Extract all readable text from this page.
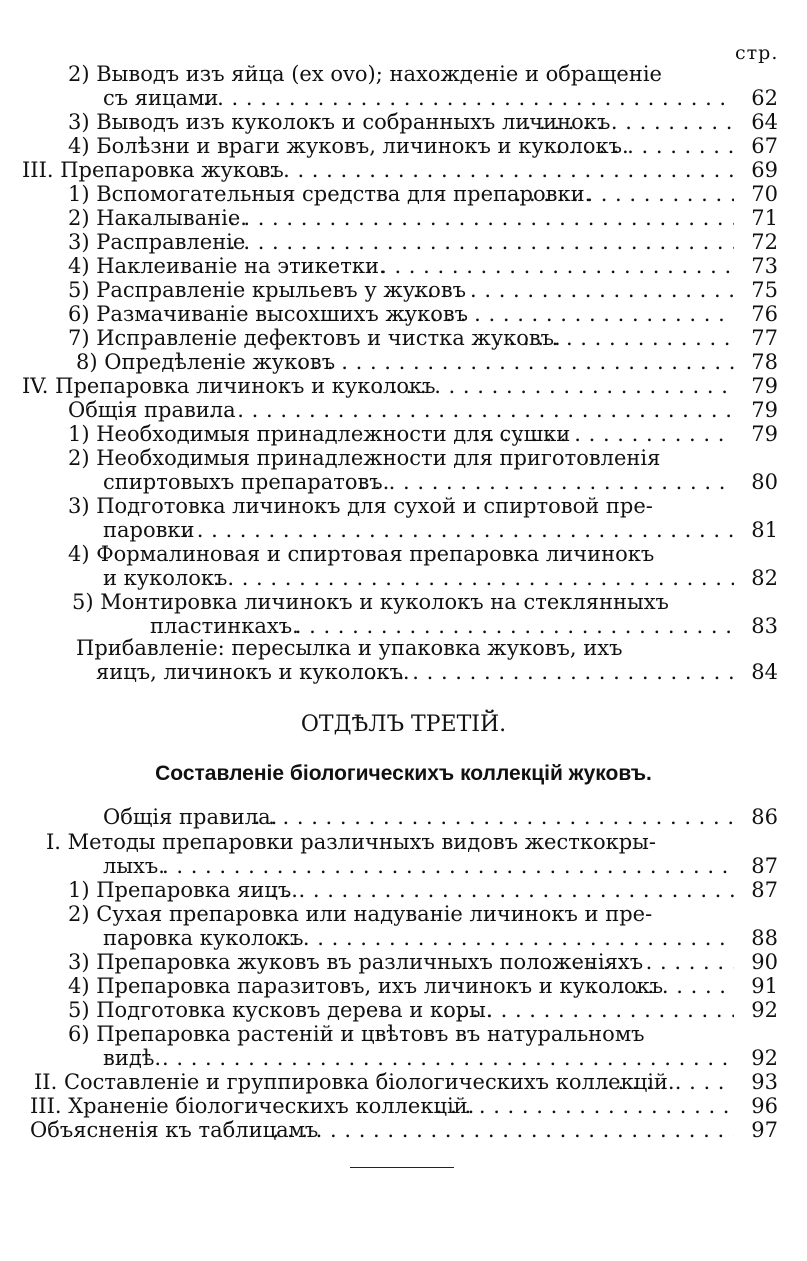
стр.
2) Выводъ изъ яйца (ex ovo); нахожденіе и обращеніе
съ яицами	62
. . .
3) Выводъ изъ куколокъ и собранныхъ личинокъ	64
. . .
4) Болѣзни и враги жуковъ, личинокъ и куколокъ.	67
. . .
III. Препаровка жуковъ	69
. . .
1) Вспомогательныя средства для препаровки.	70
. . .
2) Накалываніе.	71
. . .
3) Расправленіе	72
. . .
4) Наклеиваніе на этикетки.	73
. . .
5) Расправленіе крыльевъ у жуковъ	75
. . .
6) Размачиваніе высохшихъ жуковъ	76
. . .
7) Исправленіе дефектовъ и чистка жуковъ.	77
. . .
8) Опредѣленіе жуковъ	78
. . .
IV. Препаровка личинокъ и куколокъ	79
. . .
Общія правила	79
. . .
1) Необходимыя принадлежности для сушки	79
. . .
2) Необходимыя принадлежности для приготовленія
спиртовыхъ препаратовъ.	80
. . .
3) Подготовка личинокъ для сухой и спиртовой пре-
паровки	81
. . .
4) Формалиновая и спиртовая препаровка личинокъ
и куколокъ	82
. . .
5) Монтировка личинокъ и куколокъ на стеклянныхъ
пластинкахъ.	83
. . .
Прибавленіе: пересылка и упаковка жуковъ, ихъ
яицъ, личинокъ и куколокъ.	84
. . .
ОТДѢЛЪ ТРЕТІЙ.
Составленіе біологическихъ коллекцій жуковъ.
Общія правила.	86
. . .
I. Методы препаровки различныхъ видовъ жесткокры-
лыхъ.	87
. . .
1) Препаровка яицъ.	87
. . .
2) Сухая препаровка или надуваніе личинокъ и пре-
паровка куколокъ	88
. . .
3) Препаровка жуковъ въ различныхъ положеніяхъ	90
. . .
4) Препаровка паразитовъ, ихъ личинокъ и куколокъ	91
. . .
5) Подготовка кусковъ дерева и коры.	92
. . .
6) Препаровка растеній и цвѣтовъ въ натуральномъ
видѣ.	92
. . .
II. Составленіе и группировка біологическихъ коллекцій.	93
. . .
III. Храненіе біологическихъ коллекцій.	96
. . .
Объясненія къ таблицамъ	97
. . .
